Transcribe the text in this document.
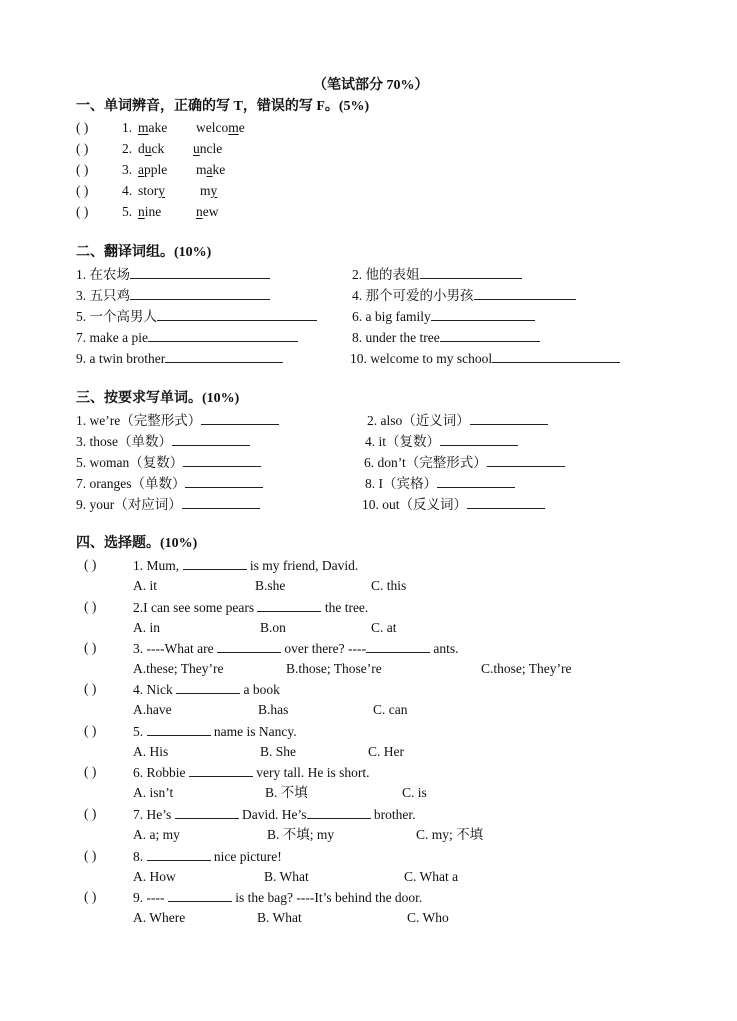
（笔试部分 70%）
一、单词辨音，正确的写 T，错误的写 F。(5%)
( ) 1. make welcome
( ) 2. duck uncle
( ) 3. apple make
( ) 4. story	my
( ) 5. nine	new
二、翻译词组。(10%)
1. 在农场	2. 他的表姐
3. 五只鸡	4. 那个可爱的小男孩
5. 一个高男人	6. a big family
7. make a pie	8. under the tree
9. a twin brother	10. welcome to my school
三、按要求写单词。(10%)
1. we’re（完整形式）	2. also（近义词）
3. those（单数）	4. it（复数）
5. woman（复数）	6. don’t（完整形式）
7. oranges（单数）	8. I（宾格）
9. your（对应词）	10. out（反义词）
四、选择题。(10%)
( )	1. Mum,	is my friend, David.
A. it	B.she	C. this
( )	2.I can see some pears	the tree.
A. in	B.on	C. at
( )	3. ----What are	over there? ----	ants.
A.these; They’re	B.those; Those’re	C.those; They’re
( )	4. Nick	a book
A.have	B.has	C. can
( )	5.	name is Nancy.
A. His	B. She	C. Her
( )	6. Robbie	very tall. He is short.
A. isn’t	B. 不填	C. is
( )	7. He’s	David. He’s	brother.
A. a; my	B. 不填; my	C. my; 不填
( )	8.	nice picture!
A. How	B. What	C. What a
( )	9. ----	is the bag? ----It’s behind the door.
A. Where	B. What	C. Who
